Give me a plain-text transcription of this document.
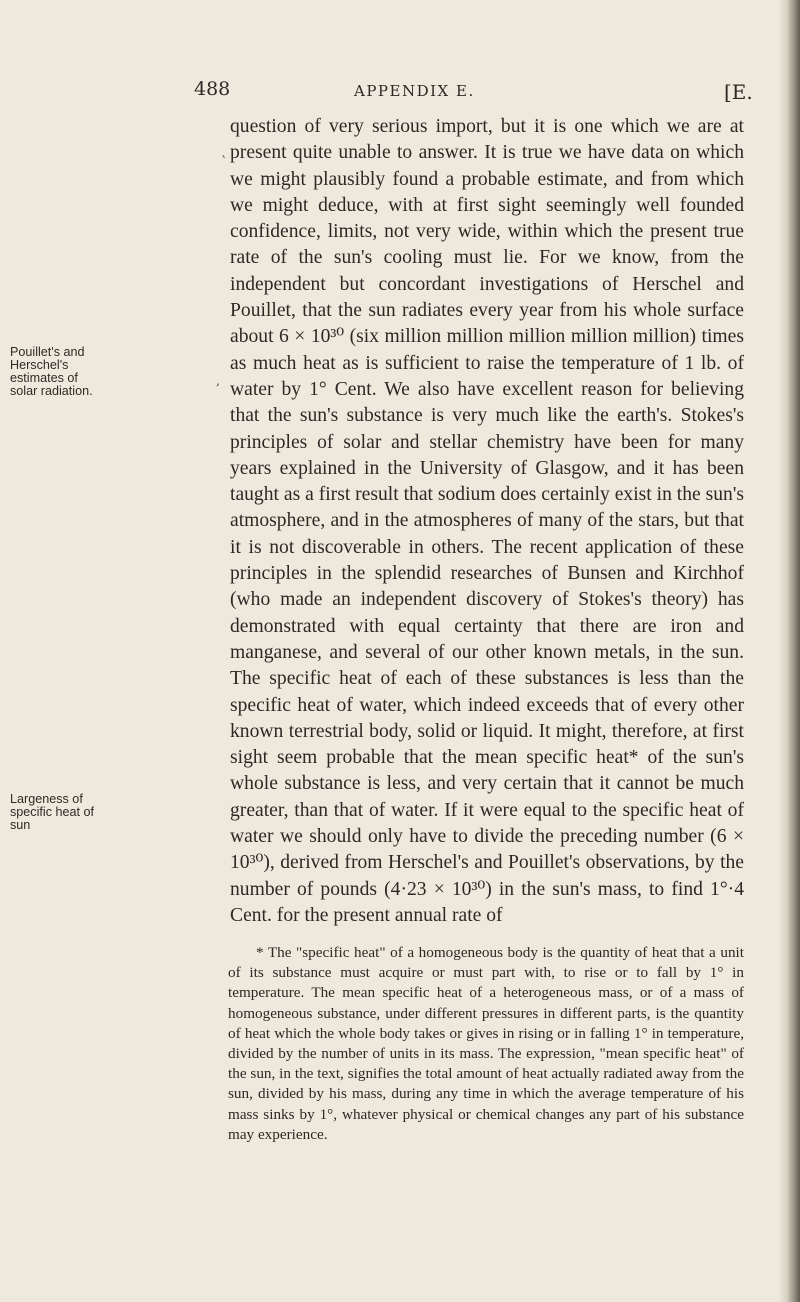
488	APPENDIX E.	[E.
Pouillet's and Herschel's estimates of solar radiation.
Largeness of specific heat of sun
‵
‚

question of very serious import, but it is one which we are at present quite unable to answer. It is true we have data on which we might plausibly found a probable estimate, and from which we might deduce, with at first sight seemingly well founded confidence, limits, not very wide, within which the present true rate of the sun's cooling must lie. For we know, from the independent but concordant investigations of Herschel and Pouillet, that the sun radiates every year from his whole surface about 6 × 10³⁰ (six million million million million million) times as much heat as is sufficient to raise the temperature of 1 lb. of water by 1° Cent. We also have excellent reason for believing that the sun's substance is very much like the earth's. Stokes's principles of solar and stellar chemistry have been for many years explained in the University of Glasgow, and it has been taught as a first result that sodium does certainly exist in the sun's atmosphere, and in the atmospheres of many of the stars, but that it is not discoverable in others. The recent application of these principles in the splendid researches of Bunsen and Kirchhof (who made an independent discovery of Stokes's theory) has demonstrated with equal certainty that there are iron and manganese, and several of our other known metals, in the sun. The specific heat of each of these substances is less than the specific heat of water, which indeed exceeds that of every other known terrestrial body, solid or liquid. It might, therefore, at first sight seem probable that the mean specific heat* of the sun's whole substance is less, and very certain that it cannot be much greater, than that of water. If it were equal to the specific heat of water we should only have to divide the preceding number (6 × 10³⁰), derived from Herschel's and Pouillet's observations, by the number of pounds (4·23 × 10³⁰) in the sun's mass, to find 1°·4 Cent. for the present annual rate of

* The "specific heat" of a homogeneous body is the quantity of heat that a unit of its substance must acquire or must part with, to rise or to fall by 1° in temperature. The mean specific heat of a heterogeneous mass, or of a mass of homogeneous substance, under different pressures in different parts, is the quantity of heat which the whole body takes or gives in rising or in falling 1° in temperature, divided by the number of units in its mass. The expression, "mean specific heat" of the sun, in the text, signifies the total amount of heat actually radiated away from the sun, divided by his mass, during any time in which the average temperature of his mass sinks by 1°, whatever physical or chemical changes any part of his substance may experience.
